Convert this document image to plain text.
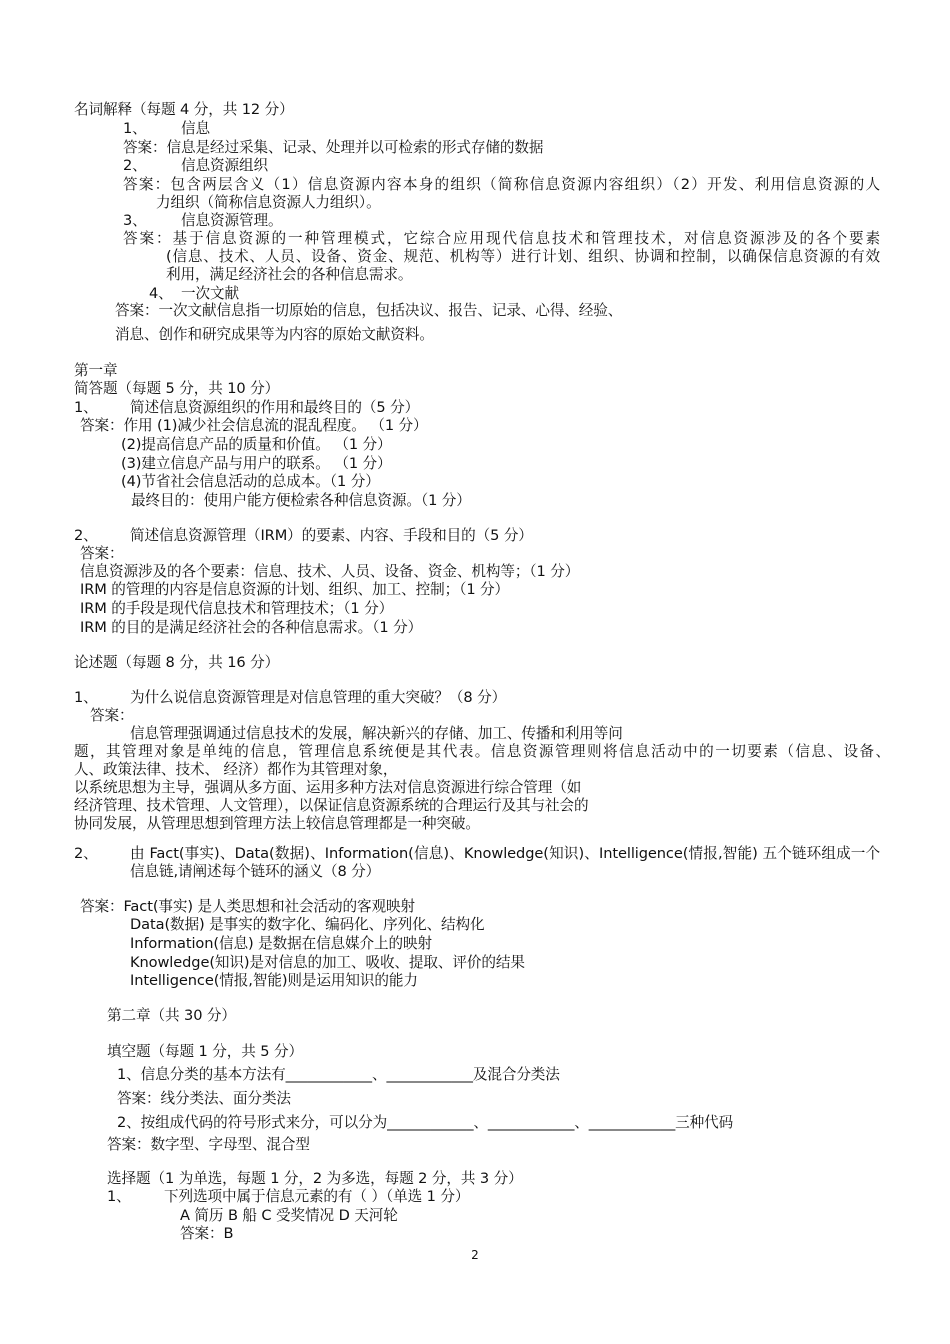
名词解释（每题 4 分，共 12 分）
1、 信息
答案：信息是经过采集、记录、处理并以可检索的形式存储的数据
2、 信息资源组织
答案：包含两层含义（1）信息资源内容本身的组织（简称信息资源内容组织）（2）开发、利用信息资源的人
力组织（简称信息资源人力组织）。
3、 信息资源管理。
答案：基于信息资源的一种管理模式，它综合应用现代信息技术和管理技术，对信息资源涉及的各个要素
(信息、技术、人员、设备、资金、规范、机构等）进行计划、组织、协调和控制，以确保信息资源的有效
利用，满足经济社会的各种信息需求。
4、 一次文献
答案：一次文献信息指一切原始的信息，包括决议、报告、记录、心得、经验、
消息、创作和研究成果等为内容的原始文献资料。
第一章
简答题（每题 5 分，共 10 分）
1、 简述信息资源组织的作用和最终目的（5 分）
答案：作用 (1)减少社会信息流的混乱程度。 （1 分）
(2)提高信息产品的质量和价值。 （1 分）
(3)建立信息产品与用户的联系。 （1 分）
(4)节省社会信息活动的总成本。（1 分）
最终目的：使用户能方便检索各种信息资源。（1 分）
2、 简述信息资源管理（IRM）的要素、内容、手段和目的（5 分）
答案：
信息资源涉及的各个要素：信息、技术、人员、设备、资金、机构等；（1 分）
IRM 的管理的内容是信息资源的计划、组织、加工、控制；（1 分）
IRM 的手段是现代信息技术和管理技术；（1 分）
IRM 的目的是满足经济社会的各种信息需求。（1 分）
论述题（每题 8 分，共 16 分）
1、 为什么说信息资源管理是对信息管理的重大突破？（8 分）
答案：
信息管理强调通过信息技术的发展，解决新兴的存储、加工、传播和利用等问
题，其管理对象是单纯的信息，管理信息系统便是其代表。信息资源管理则将信息活动中的一切要素（信息、设备、
人、政策法律、技术、 经济）都作为其管理对象，
以系统思想为主导，强调从多方面、运用多种方法对信息资源进行综合管理（如
经济管理、技术管理、人文管理），以保证信息资源系统的合理运行及其与社会的
协同发展，从管理思想到管理方法上较信息管理都是一种突破。
2、 由 Fact(事实)、Data(数据)、Information(信息)、Knowledge(知识)、Intelligence(情报,智能) 五个链环组成一个
信息链,请阐述每个链环的涵义（8 分）
答案：Fact(事实) 是人类思想和社会活动的客观映射
Data(数据) 是事实的数字化、编码化、序列化、结构化
Information(信息) 是数据在信息媒介上的映射
Knowledge(知识)是对信息的加工、吸收、提取、评价的结果
Intelligence(情报,智能)则是运用知识的能力
第二章（共 30 分）
填空题（每题 1 分，共 5 分）
1、信息分类的基本方法有____________、____________及混合分类法
答案：线分类法、面分类法
2、按组成代码的符号形式来分，可以分为____________、____________、____________三种代码
答案：数字型、字母型、混合型
选择题（1 为单选，每题 1 分，2 为多选，每题 2 分，共 3 分）
1、 下列选项中属于信息元素的有（ ）（单选 1 分）
A 简历 B 船 C 受奖情况 D 天河轮
答案：B
2
